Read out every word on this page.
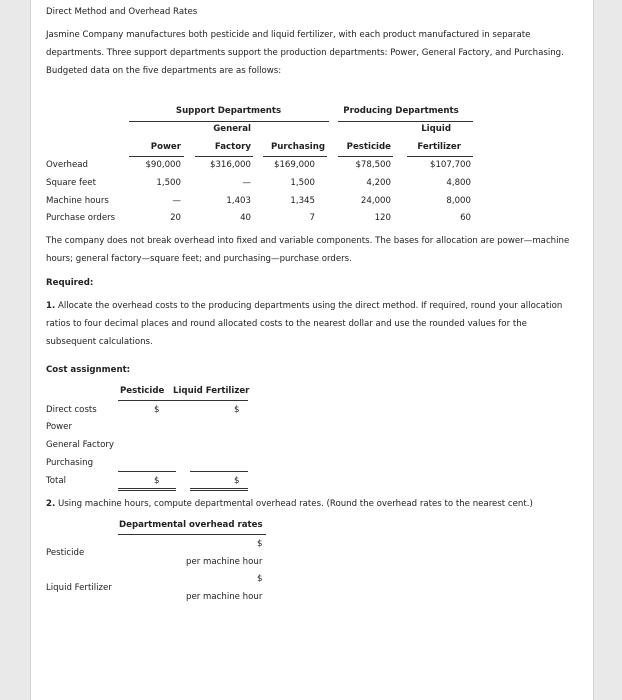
Direct Method and Overhead Rates
Jasmine Company manufactures both pesticide and liquid fertilizer, with each product manufactured in separate departments. Three support departments support the production departments: Power, General Factory, and Purchasing. Budgeted data on the five departments are as follows:
Support Departments	Producing Departments
General	Liquid
Power	Factory	Purchasing	Pesticide	Fertilizer
Overhead	$90,000	$316,000	$169,000	$78,500	$107,700
Square feet	1,500	—	1,500	4,200	4,800
Machine hours	—	1,403	1,345	24,000	8,000
Purchase orders	20	40	7	120	60
The company does not break overhead into fixed and variable components. The bases for allocation are power—machine hours; general factory—square feet; and purchasing—purchase orders.
Required:
1. Allocate the overhead costs to the producing departments using the direct method. If required, round your allocation ratios to four decimal places and round allocated costs to the nearest dollar and use the rounded values for the subsequent calculations.
Cost assignment:
Pesticide Liquid Fertilizer
Direct costs	$	$
Power
General Factory
Purchasing
Total	$	$
2. Using machine hours, compute departmental overhead rates. (Round the overhead rates to the nearest cent.)
Departmental overhead rates
$
Pesticide
per machine hour
$
Liquid Fertilizer
per machine hour
